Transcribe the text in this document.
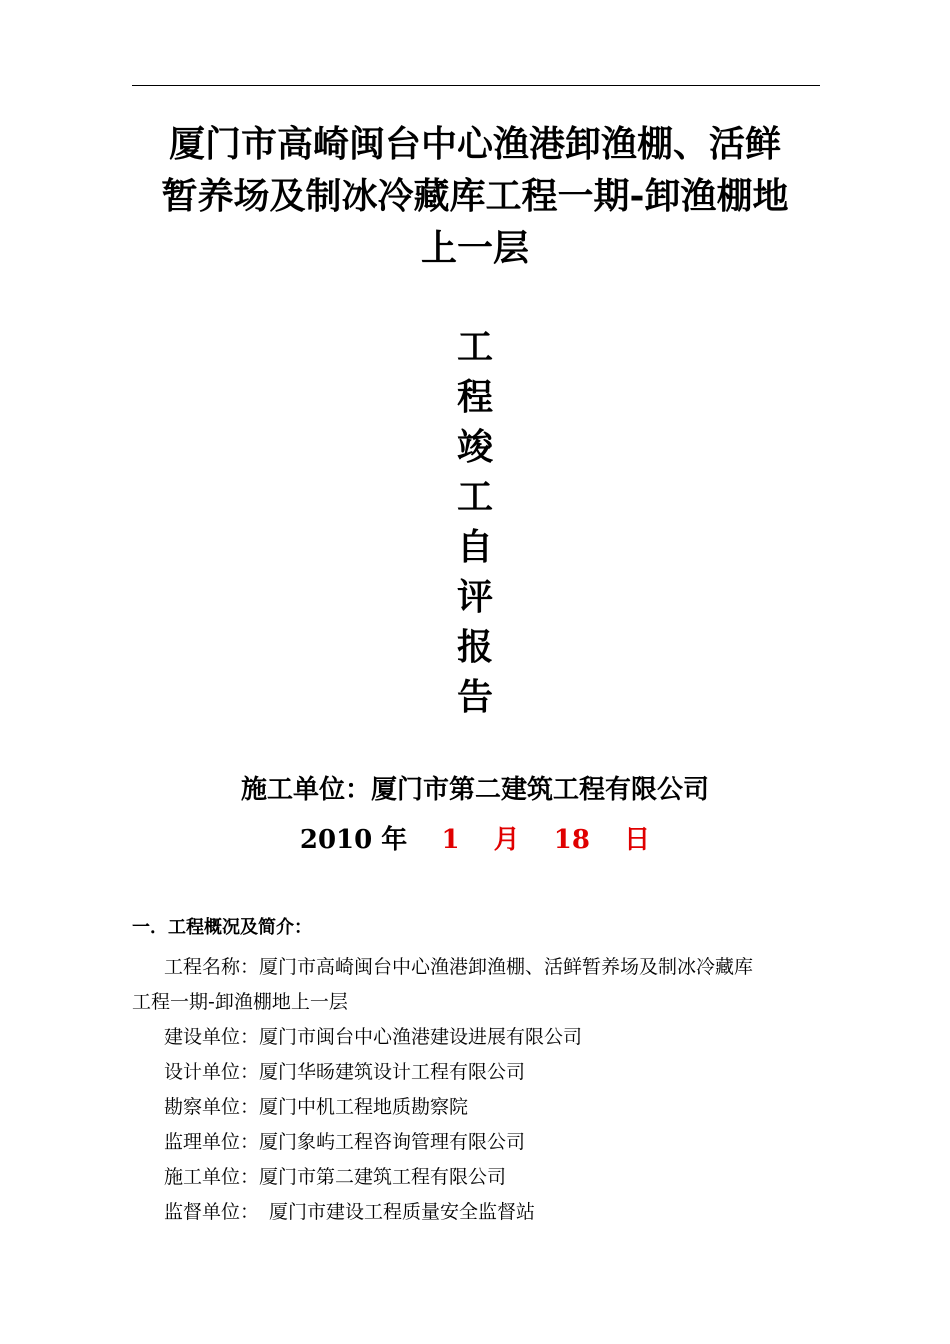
厦门市高崎闽台中心渔港卸渔棚、活鲜
暂养场及制冰冷藏库工程一期-卸渔棚地
上一层
工
程
竣
工
自
评
报
告
施工单位：厦门市第二建筑工程有限公司
2010 年 1 月 18 日
一．工程概况及简介：
工程名称：厦门市高崎闽台中心渔港卸渔棚、活鲜暂养场及制冰冷藏库
工程一期-卸渔棚地上一层
建设单位：厦门市闽台中心渔港建设进展有限公司
设计单位：厦门华旸建筑设计工程有限公司
勘察单位：厦门中机工程地质勘察院
监理单位：厦门象屿工程咨询管理有限公司
施工单位：厦门市第二建筑工程有限公司
监督单位： 厦门市建设工程质量安全监督站
